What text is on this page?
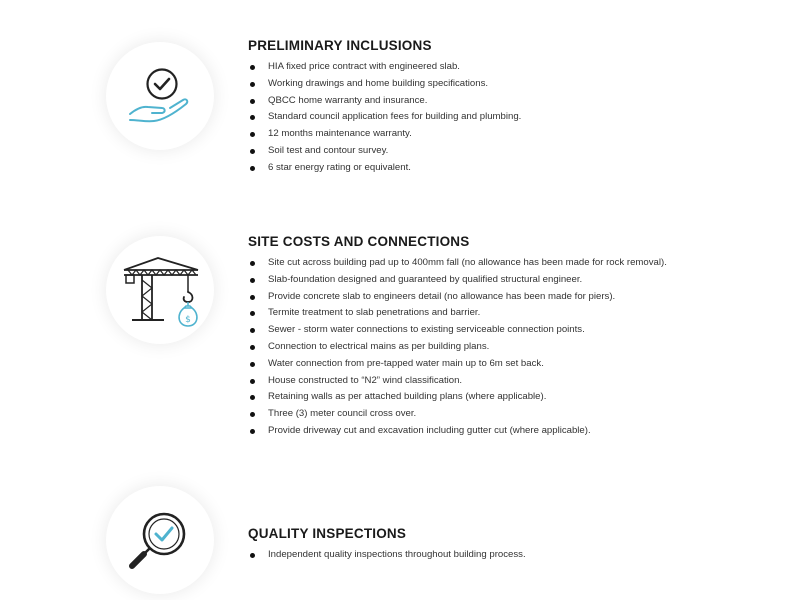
PRELIMINARY INCLUSIONS
HIA fixed price contract with engineered slab.
Working drawings and home building specifications.
QBCC home warranty and insurance.
Standard council application fees for building and plumbing.
12 months maintenance warranty.
Soil test and contour survey.
6 star energy rating or equivalent.
$
SITE COSTS AND CONNECTIONS
Site cut across building pad up to 400mm fall (no allowance has been made for rock removal).
Slab-foundation designed and guaranteed by qualified structural engineer.
Provide concrete slab to engineers detail (no allowance has been made for piers).
Termite treatment to slab penetrations and barrier.
Sewer - storm water connections to existing serviceable connection points.
Connection to electrical mains as per building plans.
Water connection from pre-tapped water main up to 6m set back.
House constructed to “N2” wind classification.
Retaining walls as per attached building plans (where applicable).
Three (3) meter council cross over.
Provide driveway cut and excavation including gutter cut (where applicable).
QUALITY INSPECTIONS
Independent quality inspections throughout building process.
